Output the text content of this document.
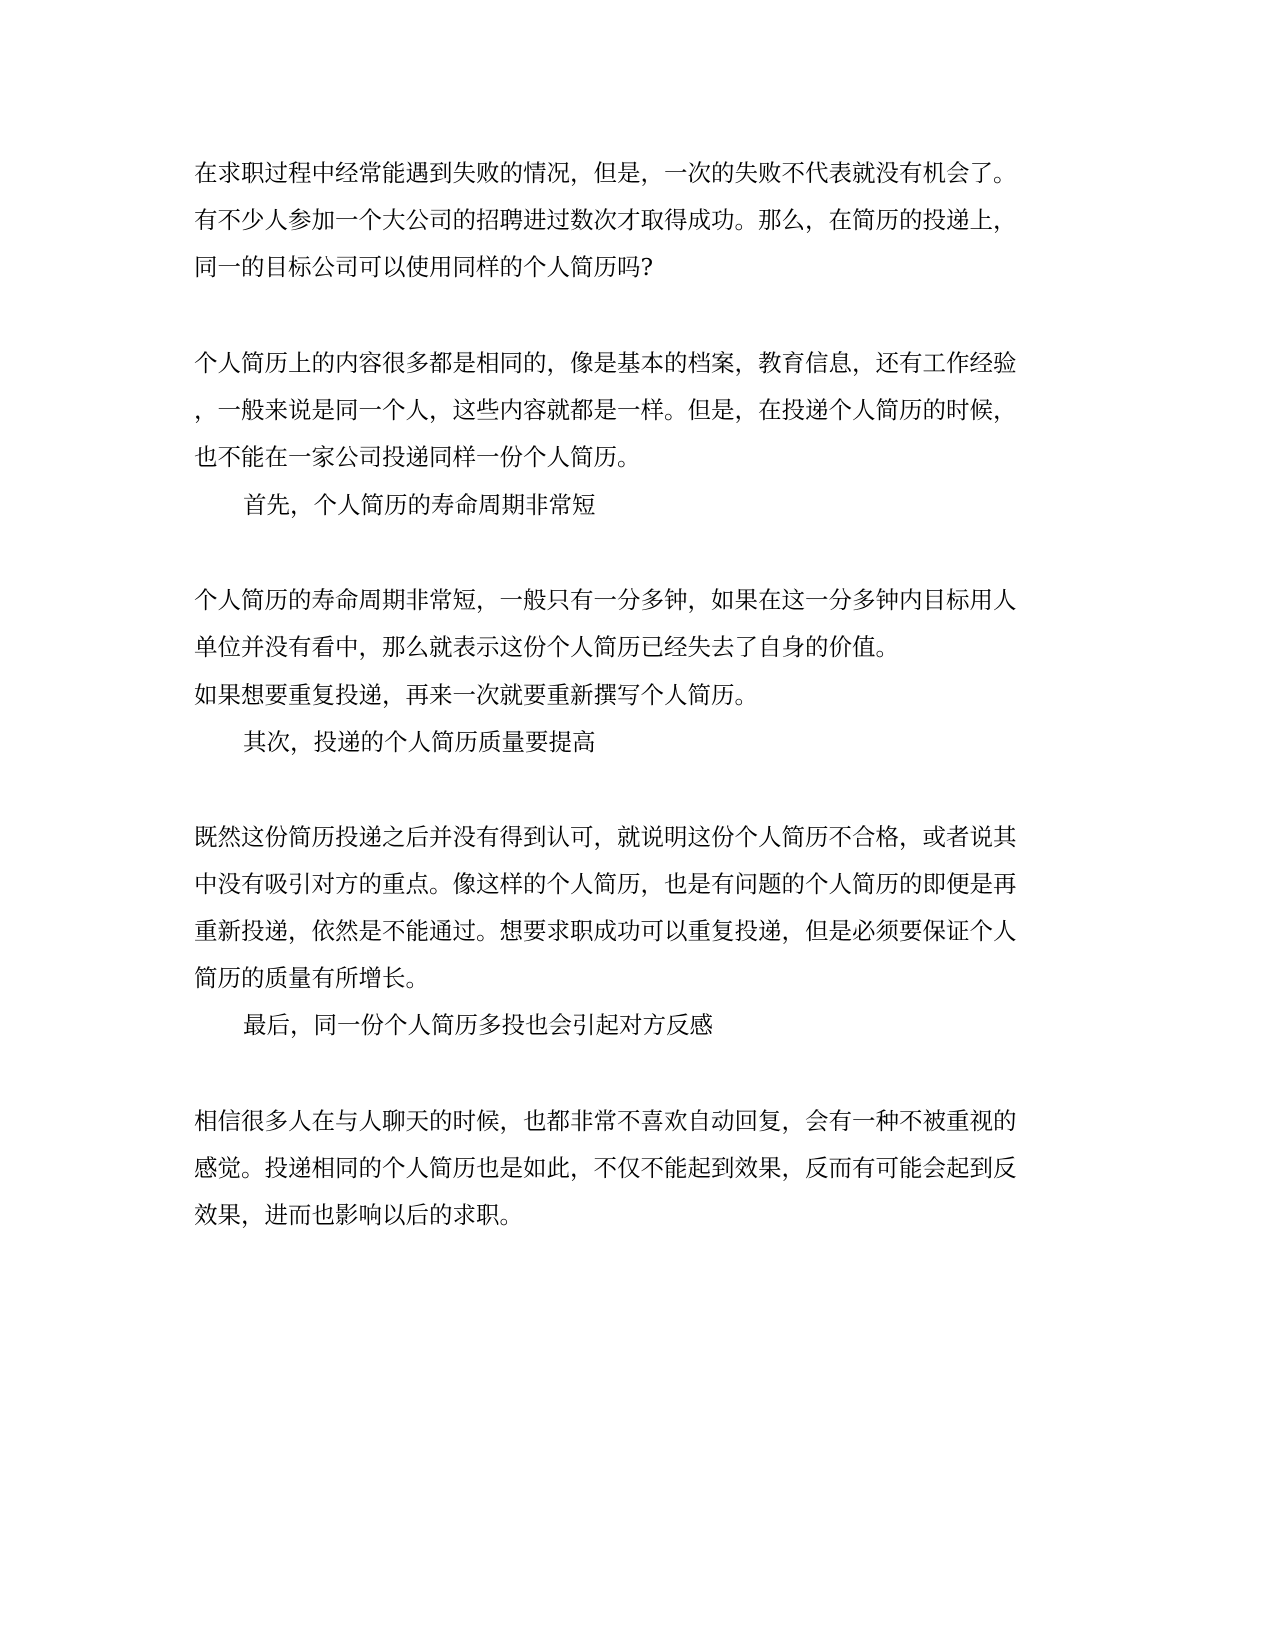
在求职过程中经常能遇到失败的情况，但是，一次的失败不代表就没有机会了。
有不少人参加一个大公司的招聘进过数次才取得成功。那么，在简历的投递上，
同一的目标公司可以使用同样的个人简历吗?
个人简历上的内容很多都是相同的，像是基本的档案，教育信息，还有工作经验
，一般来说是同一个人，这些内容就都是一样。但是，在投递个人简历的时候，
也不能在一家公司投递同样一份个人简历。
首先，个人简历的寿命周期非常短
个人简历的寿命周期非常短，一般只有一分多钟，如果在这一分多钟内目标用人
单位并没有看中，那么就表示这份个人简历已经失去了自身的价值。
如果想要重复投递，再来一次就要重新撰写个人简历。
其次，投递的个人简历质量要提高
既然这份简历投递之后并没有得到认可，就说明这份个人简历不合格，或者说其
中没有吸引对方的重点。像这样的个人简历，也是有问题的个人简历的即便是再
重新投递，依然是不能通过。想要求职成功可以重复投递，但是必须要保证个人
简历的质量有所增长。
最后，同一份个人简历多投也会引起对方反感
相信很多人在与人聊天的时候，也都非常不喜欢自动回复，会有一种不被重视的
感觉。投递相同的个人简历也是如此，不仅不能起到效果，反而有可能会起到反
效果，进而也影响以后的求职。
